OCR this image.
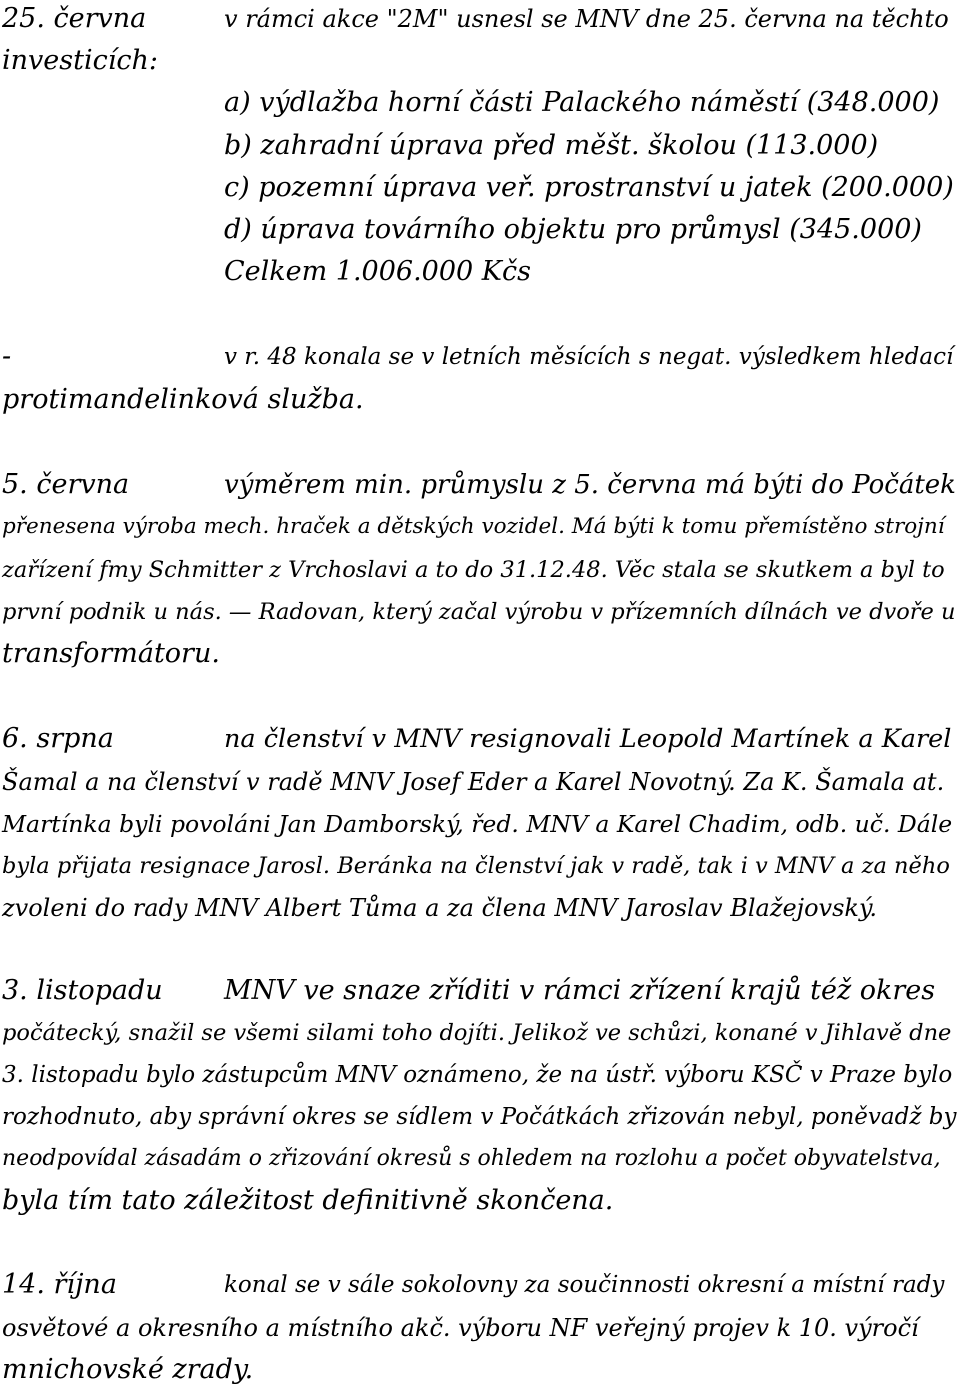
25. června	v rámci akce "2M" usnesl se MNV dne 25. června na těchto
investicích:
a) výdlažba horní části Palackého náměstí (348.000)
b) zahradní úprava před měšt. školou (113.000)
c) pozemní úprava veř. prostranství u jatek (200.000)
d) úprava továrního objektu pro průmysl (345.000)
Celkem 1.006.000 Kčs
-	v r. 48 konala se v letních měsících s negat. výsledkem hledací
protimandelinková služba.
5. června	výměrem min. průmyslu z 5. června má býti do Počátek
přenesena výroba mech. hraček a dětských vozidel. Má býti k tomu přemístěno strojní
zařízení fmy Schmitter z Vrchoslavi a to do 31.12.48. Věc stala se skutkem a byl to
první podnik u nás. — Radovan, který začal výrobu v přízemních dílnách ve dvoře u
transformátoru.
6. srpna	na členství v MNV resignovali Leopold Martínek a Karel
Šamal a na členství v radě MNV Josef Eder a Karel Novotný. Za K. Šamala at.
Martínka byli povoláni Jan Damborský, řed. MNV a Karel Chadim, odb. uč. Dále
byla přijata resignace Jarosl. Beránka na členství jak v radě, tak i v MNV a za něho
zvoleni do rady MNV Albert Tůma a za člena MNV Jaroslav Blažejovský.
3. listopadu MNV ve snaze zříditi v rámci zřízení krajů též okres
počátecký, snažil se všemi silami toho dojíti. Jelikož ve schůzi, konané v Jihlavě dne
3. listopadu bylo zástupcům MNV oznámeno, že na ústř. výboru KSČ v Praze bylo
rozhodnuto, aby správní okres se sídlem v Počátkách zřizován nebyl, poněvadž by
neodpovídal zásadám o zřizování okresů s ohledem na rozlohu a počet obyvatelstva,
byla tím tato záležitost definitivně skončena.
14. října	konal se v sále sokolovny za součinnosti okresní a místní rady
osvětové a okresního a místního akč. výboru NF veřejný projev k 10. výročí
mnichovské zrady.
